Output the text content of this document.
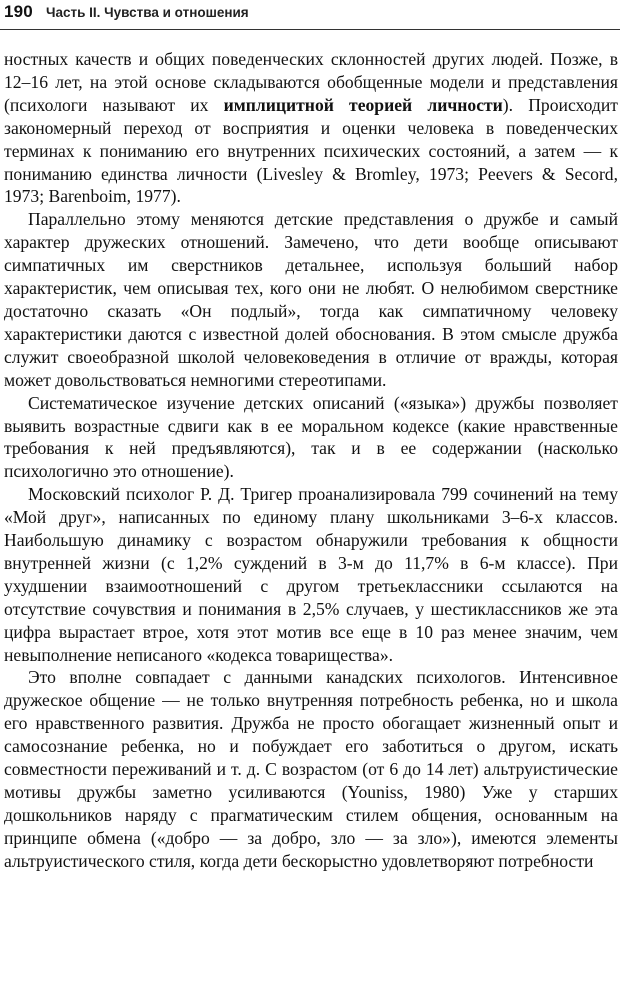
190 Часть II. Чувства и отношения

ностных качеств и общих поведенческих склонностей других людей. Позже, в 12–16 лет, на этой основе складываются обобщенные модели и представления (психологи называют их имплицитной теорией личности). Происходит закономерный переход от восприятия и оценки человека в поведенческих терминах к пониманию его внутренних психических состояний, а затем — к пониманию единства личности (Livesley & Bromley, 1973; Peevers & Secord, 1973; Barenboim, 1977).

Параллельно этому меняются детские представления о дружбе и самый характер дружеских отношений. Замечено, что дети вообще описывают симпатичных им сверстников детальнее, используя больший набор характеристик, чем описывая тех, кого они не любят. О нелюбимом сверстнике достаточно сказать «Он подлый», тогда как симпатичному человеку характеристики даются с известной долей обоснования. В этом смысле дружба служит своеобразной школой человековедения в отличие от вражды, которая может довольствоваться немногими стереотипами.

Систематическое изучение детских описаний («языка») дружбы позволяет выявить возрастные сдвиги как в ее моральном кодексе (какие нравственные требования к ней предъявляются), так и в ее содержании (насколько психологично это отношение).

Московский психолог Р. Д. Тригер проанализировала 799 сочинений на тему «Мой друг», написанных по единому плану школьниками 3–6-х классов. Наибольшую динамику с возрастом обнаружили требования к общности внутренней жизни (с 1,2% суждений в 3-м до 11,7% в 6-м классе). При ухудшении взаимоотношений с другом третьеклассники ссылаются на отсутствие сочувствия и понимания в 2,5% случаев, у шестиклассников же эта цифра вырастает втрое, хотя этот мотив все еще в 10 раз менее значим, чем невыполнение неписаного «кодекса товарищества».

Это вполне совпадает с данными канадских психологов. Интенсивное дружеское общение — не только внутренняя потребность ребенка, но и школа его нравственного развития. Дружба не просто обогащает жизненный опыт и самосознание ребенка, но и побуждает его заботиться о другом, искать совместности переживаний и т. д. С возрастом (от 6 до 14 лет) альтруистические мотивы дружбы заметно усиливаются (Youniss, 1980) Уже у старших дошкольников наряду с прагматическим стилем общения, основанным на принципе обмена («добро — за добро, зло — за зло»), имеются элементы альтруистического стиля, когда дети бескорыстно удовлетворяют потребности
